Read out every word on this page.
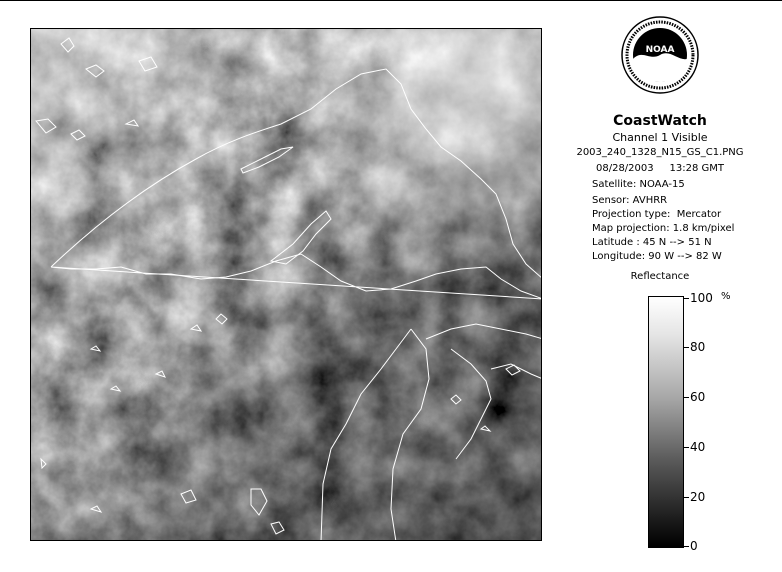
NOAA
CoastWatch
Channel 1 Visible
2003_240_1328_N15_GS_C1.PNG
08/28/2003     13:28 GMT
Satellite: NOAA-15
Sensor: AVHRR
Projection type:  Mercator
Map projection: 1.8 km/pixel
Latitude : 45 N --> 51 N
Longitude: 90 W --> 82 W
Reflectance
%
100
80
60
40
20
0
